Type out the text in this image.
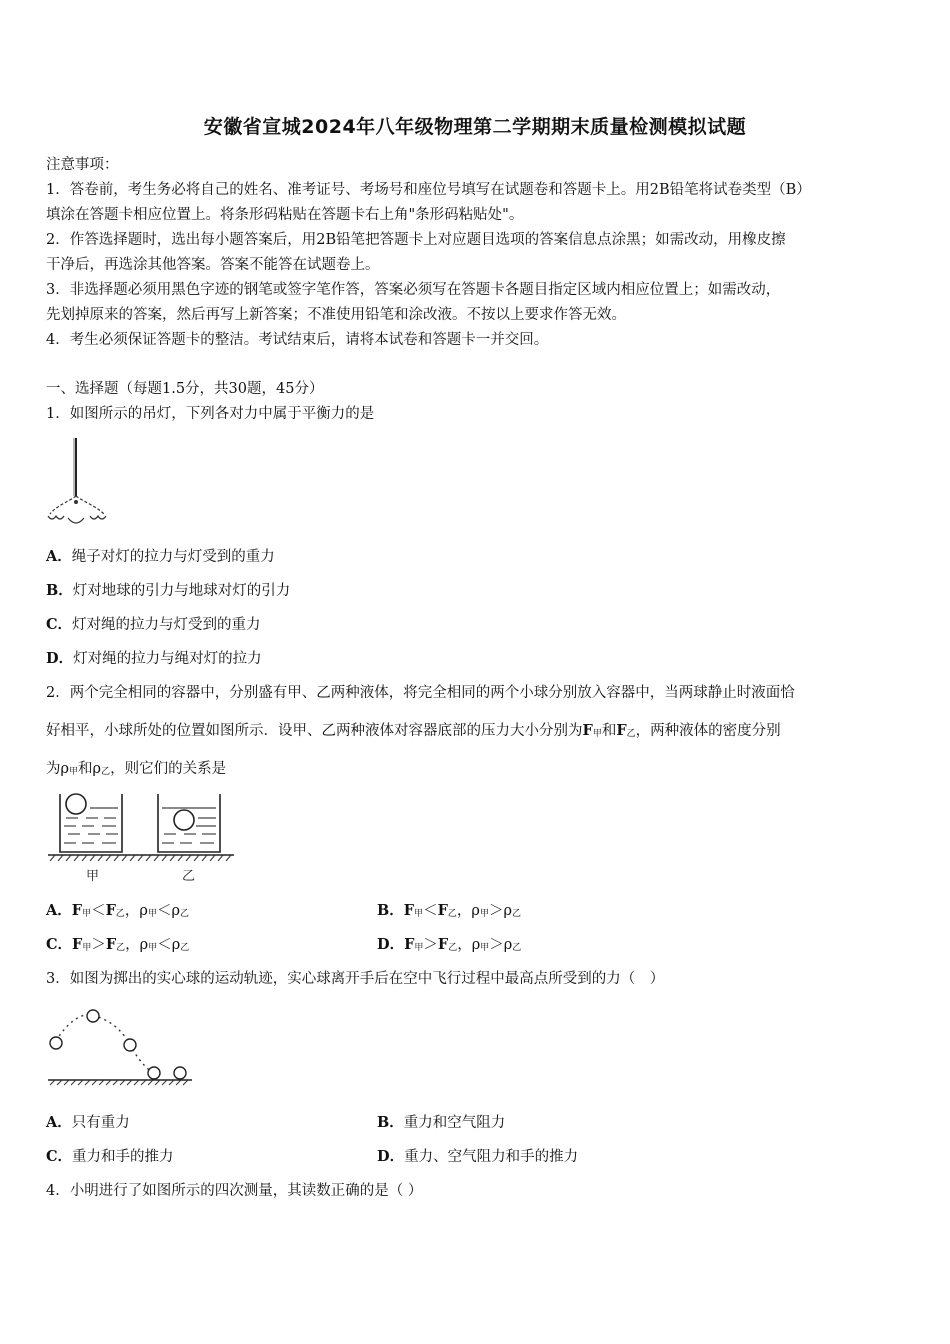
安徽省宣城2024年八年级物理第二学期期末质量检测模拟试题
注意事项：
1．答卷前，考生务必将自己的姓名、准考证号、考场号和座位号填写在试题卷和答题卡上。用2B铅笔将试卷类型（B）
填涂在答题卡相应位置上。将条形码粘贴在答题卡右上角"条形码粘贴处"。
2．作答选择题时，选出每小题答案后，用2B铅笔把答题卡上对应题目选项的答案信息点涂黑；如需改动，用橡皮擦
干净后，再选涂其他答案。答案不能答在试题卷上。
3．非选择题必须用黑色字迹的钢笔或签字笔作答，答案必须写在答题卡各题目指定区域内相应位置上；如需改动，
先划掉原来的答案，然后再写上新答案；不准使用铅笔和涂改液。不按以上要求作答无效。
4．考生必须保证答题卡的整洁。考试结束后，请将本试卷和答题卡一并交回。
一、选择题（每题1.5分，共30题，45分）
1．如图所示的吊灯，下列各对力中属于平衡力的是
A．绳子对灯的拉力与灯受到的重力
B．灯对地球的引力与地球对灯的引力
C．灯对绳的拉力与灯受到的重力
D．灯对绳的拉力与绳对灯的拉力
2．两个完全相同的容器中，分别盛有甲、乙两种液体，将完全相同的两个小球分别放入容器中，当两球静止时液面恰
好相平，小球所处的位置如图所示．设甲、乙两种液体对容器底部的压力大小分别为$F_甲$和$F_乙$，两种液体的密度分别
为$\rho_甲$和$\rho_乙$，则它们的关系是
甲	乙
A．$F_甲<F_乙$，$\rho_甲<\rho_乙$	B．$F_甲<F_乙$，$\rho_甲>\rho_乙$
C．$F_甲>F_乙$，$\rho_甲<\rho_乙$	D．$F_甲>F_乙$，$\rho_甲>\rho_乙$
3．如图为掷出的实心球的运动轨迹，实心球离开手后在空中飞行过程中最高点所受到的力（　）
A．只有重力	B．重力和空气阻力
C．重力和手的推力	D．重力、空气阻力和手的推力
4．小明进行了如图所示的四次测量，其读数正确的是（ ）
